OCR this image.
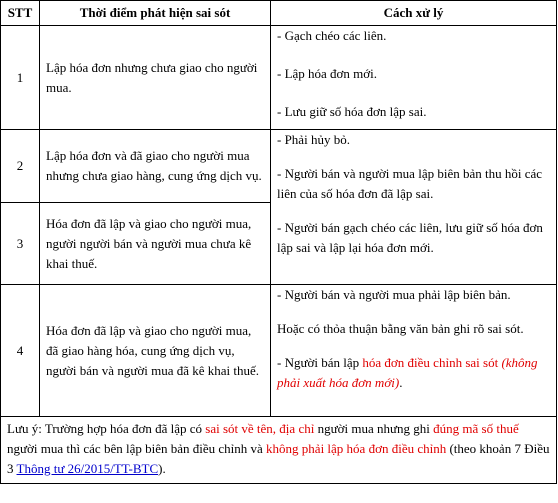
STT	Thời điểm phát hiện sai sót	Cách xử lý
1	Lập hóa đơn nhưng chưa giao cho người mua.	- Gạch chéo các liên.

- Lập hóa đơn mới.

- Lưu giữ số hóa đơn lập sai.

2	Lập hóa đơn và đã giao cho người mua nhưng chưa giao hàng, cung ứng dịch vụ.	- Phải hủy bỏ.

- Người bán và người mua lập biên bản thu hồi các liên của số hóa đơn đã lập sai.

- Người bán gạch chéo các liên, lưu giữ số hóa đơn lập sai và lập lại hóa đơn mới.

3	Hóa đơn đã lập và giao cho người mua, người người bán và người mua chưa kê khai thuế.	
4	Hóa đơn đã lập và giao cho người mua, đã giao hàng hóa, cung ứng dịch vụ, người bán và người mua đã kê khai thuế.	- Người bán và người mua phải lập biên bản.

Hoặc có thỏa thuận bằng văn bản ghi rõ sai sót.

- Người bán lập hóa đơn điều chỉnh sai sót (không phải xuất hóa đơn mới).

Lưu ý: Trường hợp hóa đơn đã lập có sai sót về tên, địa chỉ người mua nhưng ghi đúng mã số thuế người mua thì các bên lập biên bản điều chỉnh và không phải lập hóa đơn điều chỉnh (theo khoản 7 Điều 3 Thông tư 26/2015/TT-BTC).		
